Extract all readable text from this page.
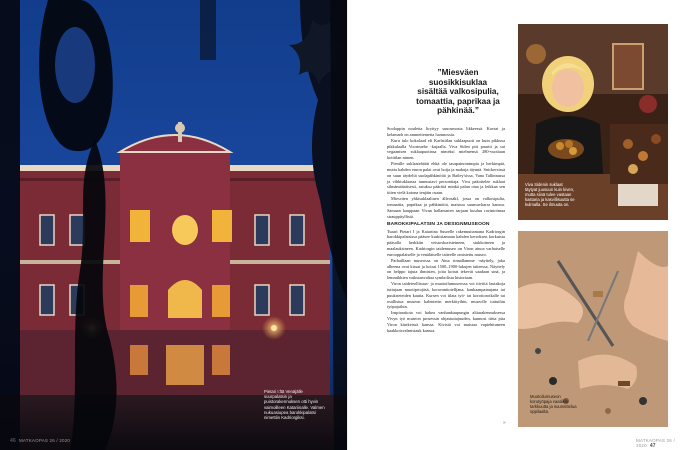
Pietari I:ltä Venäjälle suurpalatsin ja puistorakennuksen otti hyvin vaimoilleen Katariinalle. Valmen nukuasiupea barokkipalatsi nimettiin Kadriorgiksi.
46 MATKAOPAS 26 / 2020
”Miesväen suosikkisuklaa sisältää valkosipulia, tomaattia, paprikaa ja pähkinää.”

Sooloppin nouletta liryttyy suuosmosta likkeessä. Kavtat ja kelamarh on ammettemetta luonnossia.

Kuru tulo kokolaad eli Karlsttilan suklaapuoti on kuin pikkusa pikkulaalla Voorimehe -kujaalla. Viva Siden pitt pauriti ja sai vegaanisen suklaapuotinsa nimeksi mielmensä 280-vuotiaan kotitilan nimen.

Pienille suklaatehtäät ehkä ole tasapainoinimpia ja herkimpiä, mutta kahden euron palat ovat hoija ja makuja täynnä. Snickersissä on suun täydeltä suolapähkinöitä ja Bailey'sissa, Vana Tallinnassa ja vihkiuklaassa tunnustavt persontiaja. Viva pakottelee suklaat silmämääräisesti, astuksu pääriitä minkä palan otaa ja leikkaa sen ititen vielä kotona tenjäin osaan.

Miesväen yhkisuklaaltaen älleosäkl, jossa on valkosipulia, tomaattia, paprikaa ja pähkinöitä, maistuu suunsavkarra kanssa. Samaan kauppaan Vivan hallanusten sarjaan kuuluu ravintoimaa strauppityllistä.

BAROKKIPALATSIN JA DESIGNMUSEOON

Tsaari Pietari I ja Katariina Suurelle rakennuttamana Kadriorgin barokkipalatsissa pääsee kurkistamaan kahden kerroksen korkuista pääsalla herkkiin veistoskoristeineen, stukkoineen ja maalauksineen. Kadriorgin taidemuseo on Viron ainoa varhaiselle eurooppalaiselle ja venäläiselle taiteelle omistettu museo.

Parhaillaan museossa on Aina rinnallamme -näyttely, joka alheena ovat kissat ja koirat 1500–1900-lukujen taiteessa. Näyttely on helppo tajuta ihmisten, joita koirat tekevät saadaan sinä, ja lemmikkien vaikutusvaltaa symbolista historiaan.

Viron taideteollisuus- ja muotoilumuseossa voi tiiviitä lautakoja tuttujaan muotiprtojäsä, koravanttotelljana, kankaanpainujana tai puukrteteiden kautta. Kursen voi tilata työ- tai korottoroikalle tai osallistua museon kalenterin merkittyihin, museolle tuttuihin työpajoihin.

Inspiraatiota voi hakea vanhankaupungin alttarakennuksessa Vivyn työ museon prosessin ohjastuttajuuden, kunnosi tiitta piia Viron kärrkeissä kanssa. Kivistä voi maistaa vapiehttuneen kaakkoisvalmistauk kanssa.

»
Viva Sidenin suklaat täytyat juusuun kuin kiven, mutta siinä tulee vastaan kastaria ja kasvillisuutta se kulmalla. Se ilmuuta on.
Muotoilumuseon korutyöpaja vaatiikin tarkkuutta ja suunnittelua oppilaalta.
MATKAOPAS 26 / 2020 47
